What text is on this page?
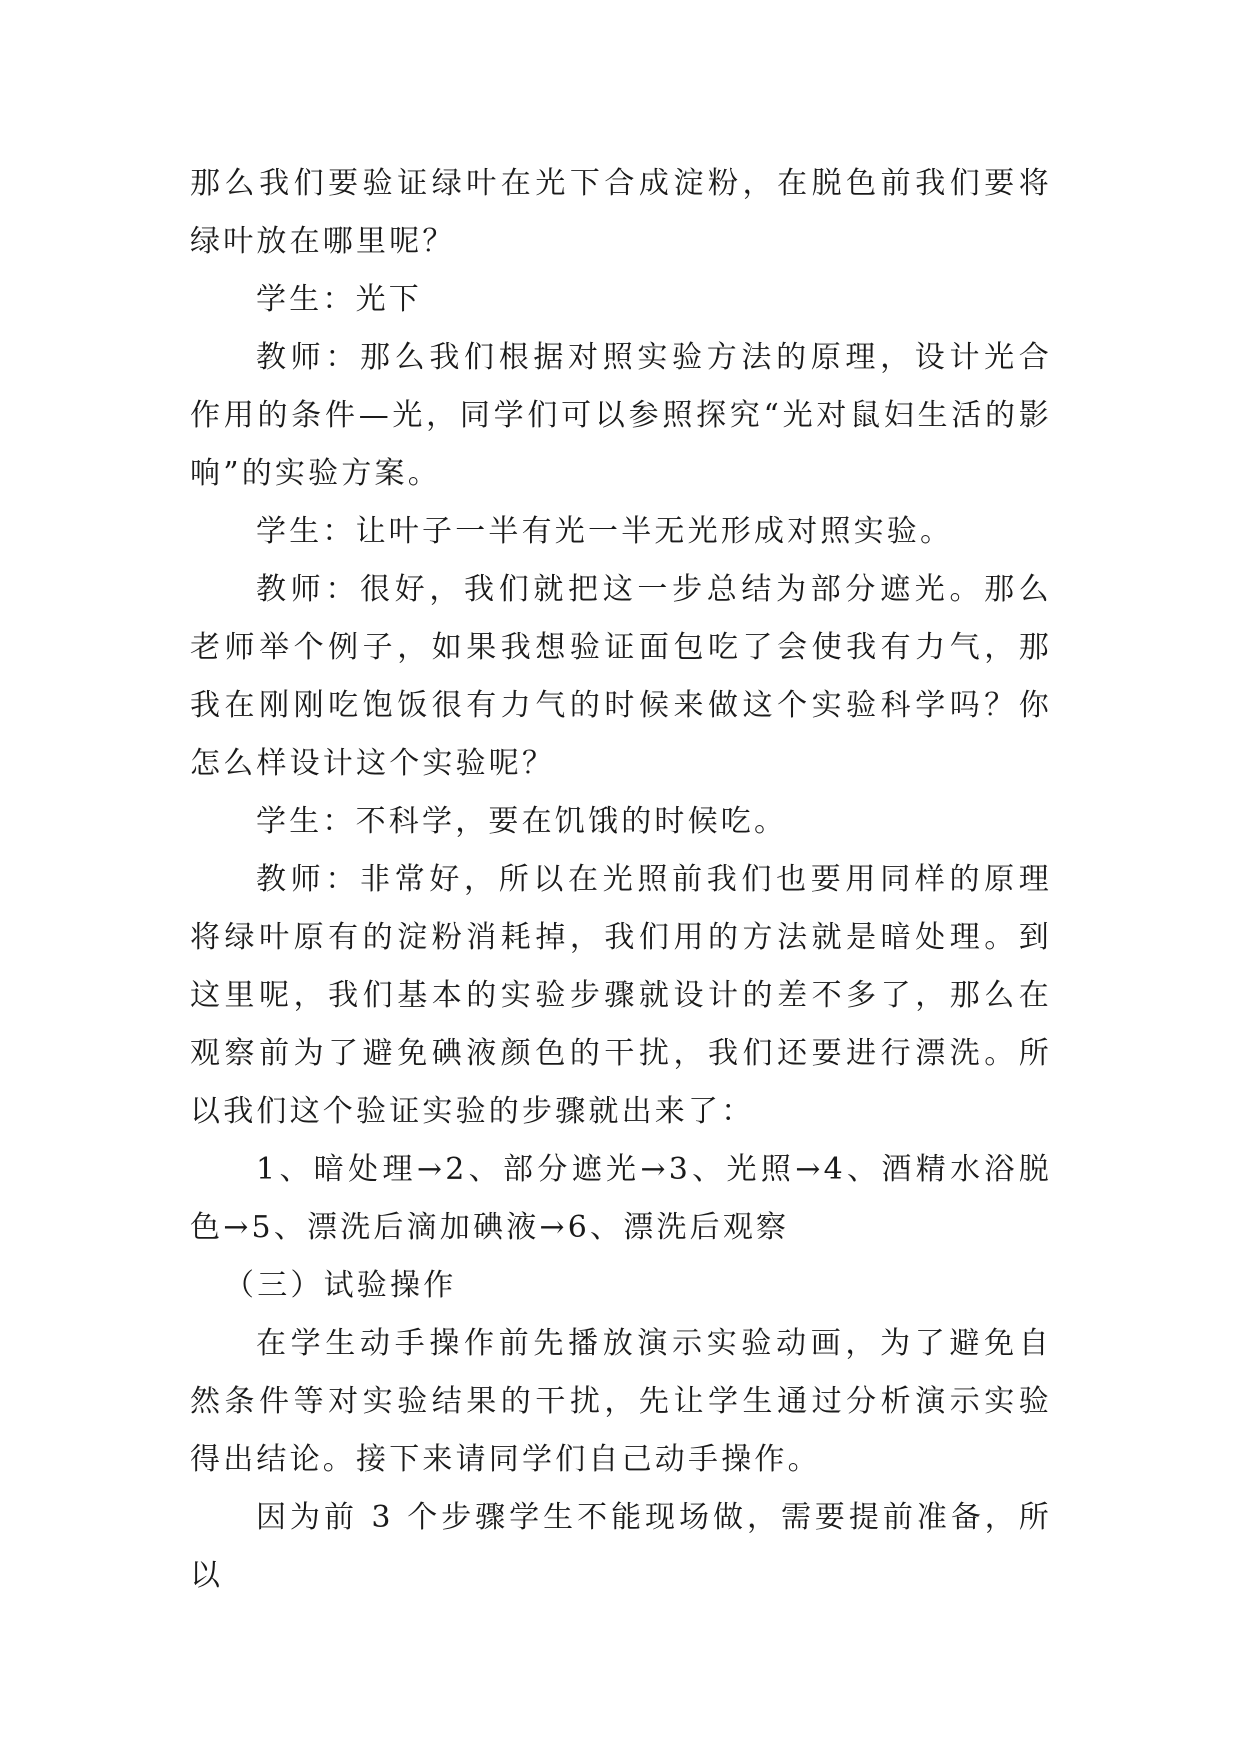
那么我们要验证绿叶在光下合成淀粉，在脱色前我们要将绿叶放在哪里呢？

学生：光下

教师：那么我们根据对照实验方法的原理，设计光合作用的条件—光，同学们可以参照探究“光对鼠妇生活的影响”的实验方案。

学生：让叶子一半有光一半无光形成对照实验。

教师：很好，我们就把这一步总结为部分遮光。那么老师举个例子，如果我想验证面包吃了会使我有力气，那我在刚刚吃饱饭很有力气的时候来做这个实验科学吗？你怎么样设计这个实验呢？

学生：不科学，要在饥饿的时候吃。

教师：非常好，所以在光照前我们也要用同样的原理将绿叶原有的淀粉消耗掉，我们用的方法就是暗处理。到这里呢，我们基本的实验步骤就设计的差不多了，那么在观察前为了避免碘液颜色的干扰，我们还要进行漂洗。所以我们这个验证实验的步骤就出来了：

1、暗处理→2、部分遮光→3、光照→4、酒精水浴脱色→5、漂洗后滴加碘液→6、漂洗后观察

（三）试验操作

在学生动手操作前先播放演示实验动画，为了避免自然条件等对实验结果的干扰，先让学生通过分析演示实验得出结论。接下来请同学们自己动手操作。

因为前 3 个步骤学生不能现场做，需要提前准备，所以
